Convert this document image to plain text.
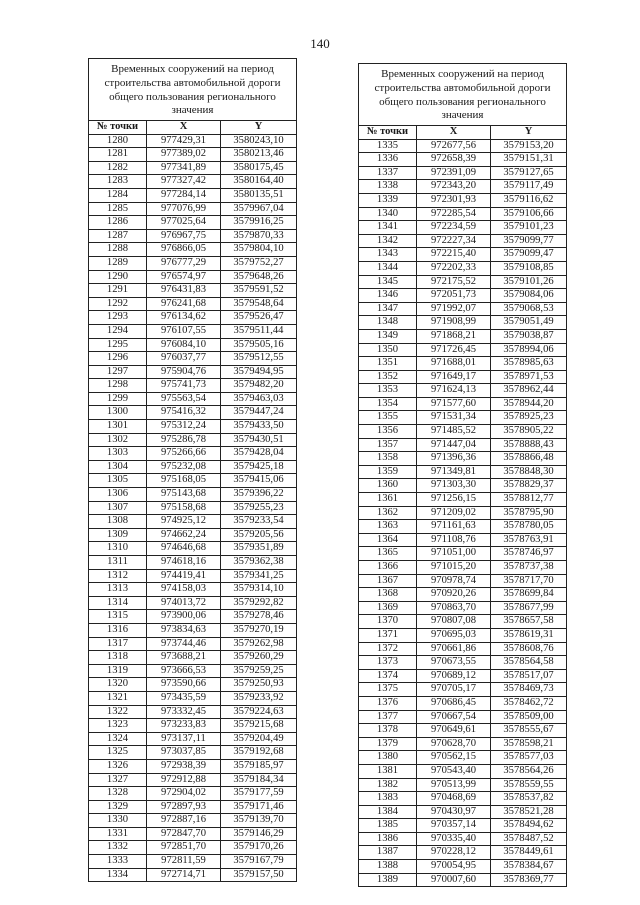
140
Временных сооружений на период строительства автомобильной дороги общего пользования регионального значения		
№ точки	X	Y
1280	977429,31	3580243,10
1281	977389,02	3580213,46
1282	977341,89	3580175,45
1283	977327,42	3580164,40
1284	977284,14	3580135,51
1285	977076,99	3579967,04
1286	977025,64	3579916,25
1287	976967,75	3579870,33
1288	976866,05	3579804,10
1289	976777,29	3579752,27
1290	976574,97	3579648,26
1291	976431,83	3579591,52
1292	976241,68	3579548,64
1293	976134,62	3579526,47
1294	976107,55	3579511,44
1295	976084,10	3579505,16
1296	976037,77	3579512,55
1297	975904,76	3579494,95
1298	975741,73	3579482,20
1299	975563,54	3579463,03
1300	975416,32	3579447,24
1301	975312,24	3579433,50
1302	975286,78	3579430,51
1303	975266,66	3579428,04
1304	975232,08	3579425,18
1305	975168,05	3579415,06
1306	975143,68	3579396,22
1307	975158,68	3579255,23
1308	974925,12	3579233,54
1309	974662,24	3579205,56
1310	974646,68	3579351,89
1311	974618,16	3579362,38
1312	974419,41	3579341,25
1313	974158,03	3579314,10
1314	974013,72	3579292,82
1315	973900,06	3579278,46
1316	973834,63	3579270,19
1317	973744,46	3579262,98
1318	973688,21	3579260,29
1319	973666,53	3579259,25
1320	973590,66	3579250,93
1321	973435,59	3579233,92
1322	973332,45	3579224,63
1323	973233,83	3579215,68
1324	973137,11	3579204,49
1325	973037,85	3579192,68
1326	972938,39	3579185,97
1327	972912,88	3579184,34
1328	972904,02	3579177,59
1329	972897,93	3579171,46
1330	972887,16	3579139,70
1331	972847,70	3579146,29
1332	972851,70	3579170,26
1333	972811,59	3579167,79
1334	972714,71	3579157,50
Временных сооружений на период строительства автомобильной дороги общего пользования регионального значения		
№ точки	X	Y
1335	972677,56	3579153,20
1336	972658,39	3579151,31
1337	972391,09	3579127,65
1338	972343,20	3579117,49
1339	972301,93	3579116,62
1340	972285,54	3579106,66
1341	972234,59	3579101,23
1342	972227,34	3579099,77
1343	972215,40	3579099,47
1344	972202,33	3579108,85
1345	972175,52	3579101,26
1346	972051,73	3579084,06
1347	971992,07	3579068,53
1348	971908,99	3579051,49
1349	971868,21	3579038,87
1350	971726,45	3578994,06
1351	971688,01	3578985,63
1352	971649,17	3578971,53
1353	971624,13	3578962,44
1354	971577,60	3578944,20
1355	971531,34	3578925,23
1356	971485,52	3578905,22
1357	971447,04	3578888,43
1358	971396,36	3578866,48
1359	971349,81	3578848,30
1360	971303,30	3578829,37
1361	971256,15	3578812,77
1362	971209,02	3578795,90
1363	971161,63	3578780,05
1364	971108,76	3578763,91
1365	971051,00	3578746,97
1366	971015,20	3578737,38
1367	970978,74	3578717,70
1368	970920,26	3578699,84
1369	970863,70	3578677,99
1370	970807,08	3578657,58
1371	970695,03	3578619,31
1372	970661,86	3578608,76
1373	970673,55	3578564,58
1374	970689,12	3578517,07
1375	970705,17	3578469,73
1376	970686,45	3578462,72
1377	970667,54	3578509,00
1378	970649,61	3578555,67
1379	970628,70	3578598,21
1380	970562,15	3578577,03
1381	970543,40	3578564,26
1382	970513,99	3578559,55
1383	970468,69	3578537,82
1384	970430,97	3578521,28
1385	970357,14	3578494,62
1386	970335,40	3578487,52
1387	970228,12	3578449,61
1388	970054,95	3578384,67
1389	970007,60	3578369,77
